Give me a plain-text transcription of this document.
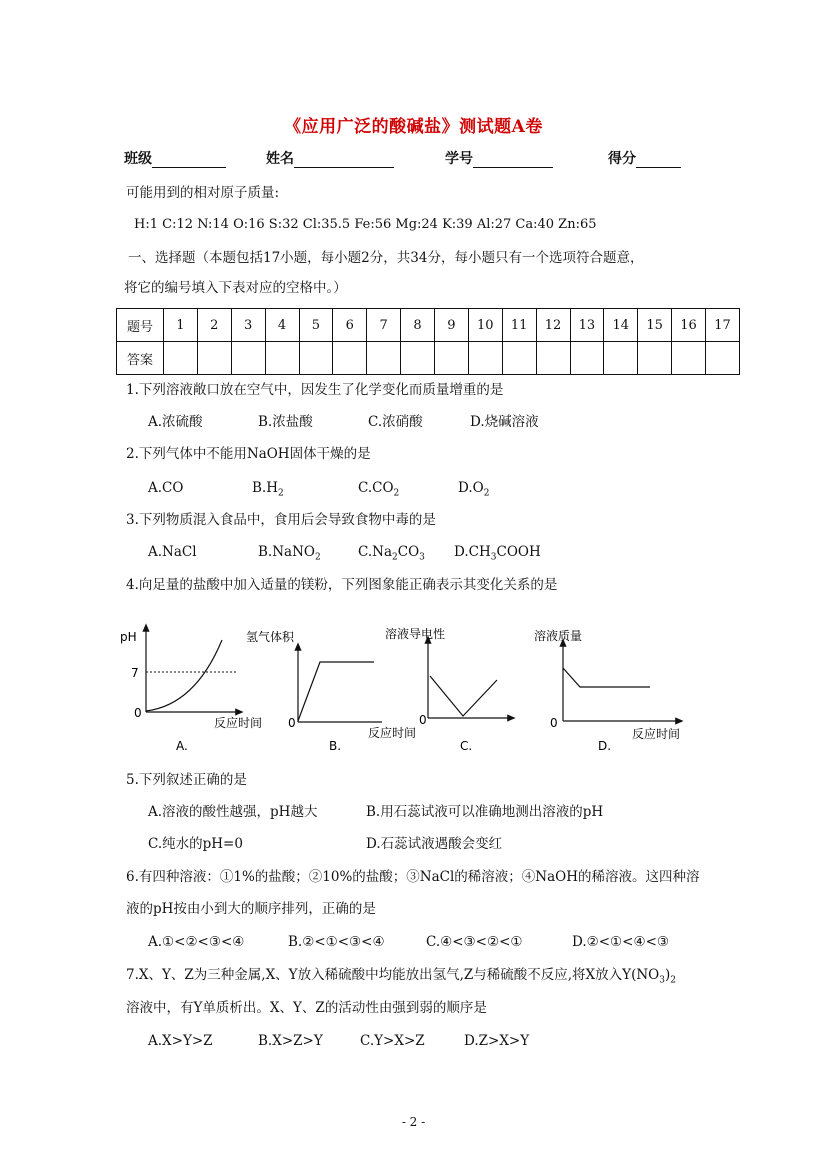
《应用广泛的酸碱盐》测试题A卷
班级	姓名	学号	得分
可能用到的相对原子质量:
H:1 C:12 N:14 O:16 S:32 Cl:35.5 Fe:56 Mg:24 K:39 Al:27 Ca:40 Zn:65
一、选择题（本题包括17小题，每小题2分，共34分，每小题只有一个选项符合题意，
将它的编号填入下表对应的空格中。）
题号	1	2	3	4	5	6	7	8	9	10	11	12	13	14	15	16	17
答案																	
1.下列溶液敞口放在空气中，因发生了化学变化而质量增重的是
A.浓硫酸	B.浓盐酸	C.浓硝酸	D.烧碱溶液
2.下列气体中不能用NaOH固体干燥的是
A.CO	$B.H_2$	$C.CO_2$	$D.O_2$
3.下列物质混入食品中，食用后会导致食物中毒的是
A.NaCl	B.NaNO$_2$	$C.Na_2CO_3$ $D.CH_3COOH$
4.向足量的盐酸中加入适量的镁粉，下列图象能正确表示其变化关系的是
pH
7
0
反应时间
A.
氢气体积
0
B.
溶液导电性
0
反应时间
C.
溶液质量
0
反应时间
D.
5.下列叙述正确的是
A.溶液的酸性越强，pH越大	B.用石蕊试液可以准确地测出溶液的pH
C.纯水的pH=0	D.石蕊试液遇酸会变红
6.有四种溶液：①1%的盐酸；②10%的盐酸；③NaCl的稀溶液；④NaOH的稀溶液。这四种溶
液的pH按由小到大的顺序排列，正确的是
A.①<②<③<④	B.②<①<③<④	C.④<③<②<①	D.②<①<④<③
7.X、Y、Z为三种金属,X、Y放入稀硫酸中均能放出氢气,Z与稀硫酸不反应,将X放入$Y(NO_3)_2$
溶液中，有Y单质析出。X、Y、Z的活动性由强到弱的顺序是
A.X>Y>Z	B.X>Z>Y	C.Y>X>Z	D.Z>X>Y
- 2 -
